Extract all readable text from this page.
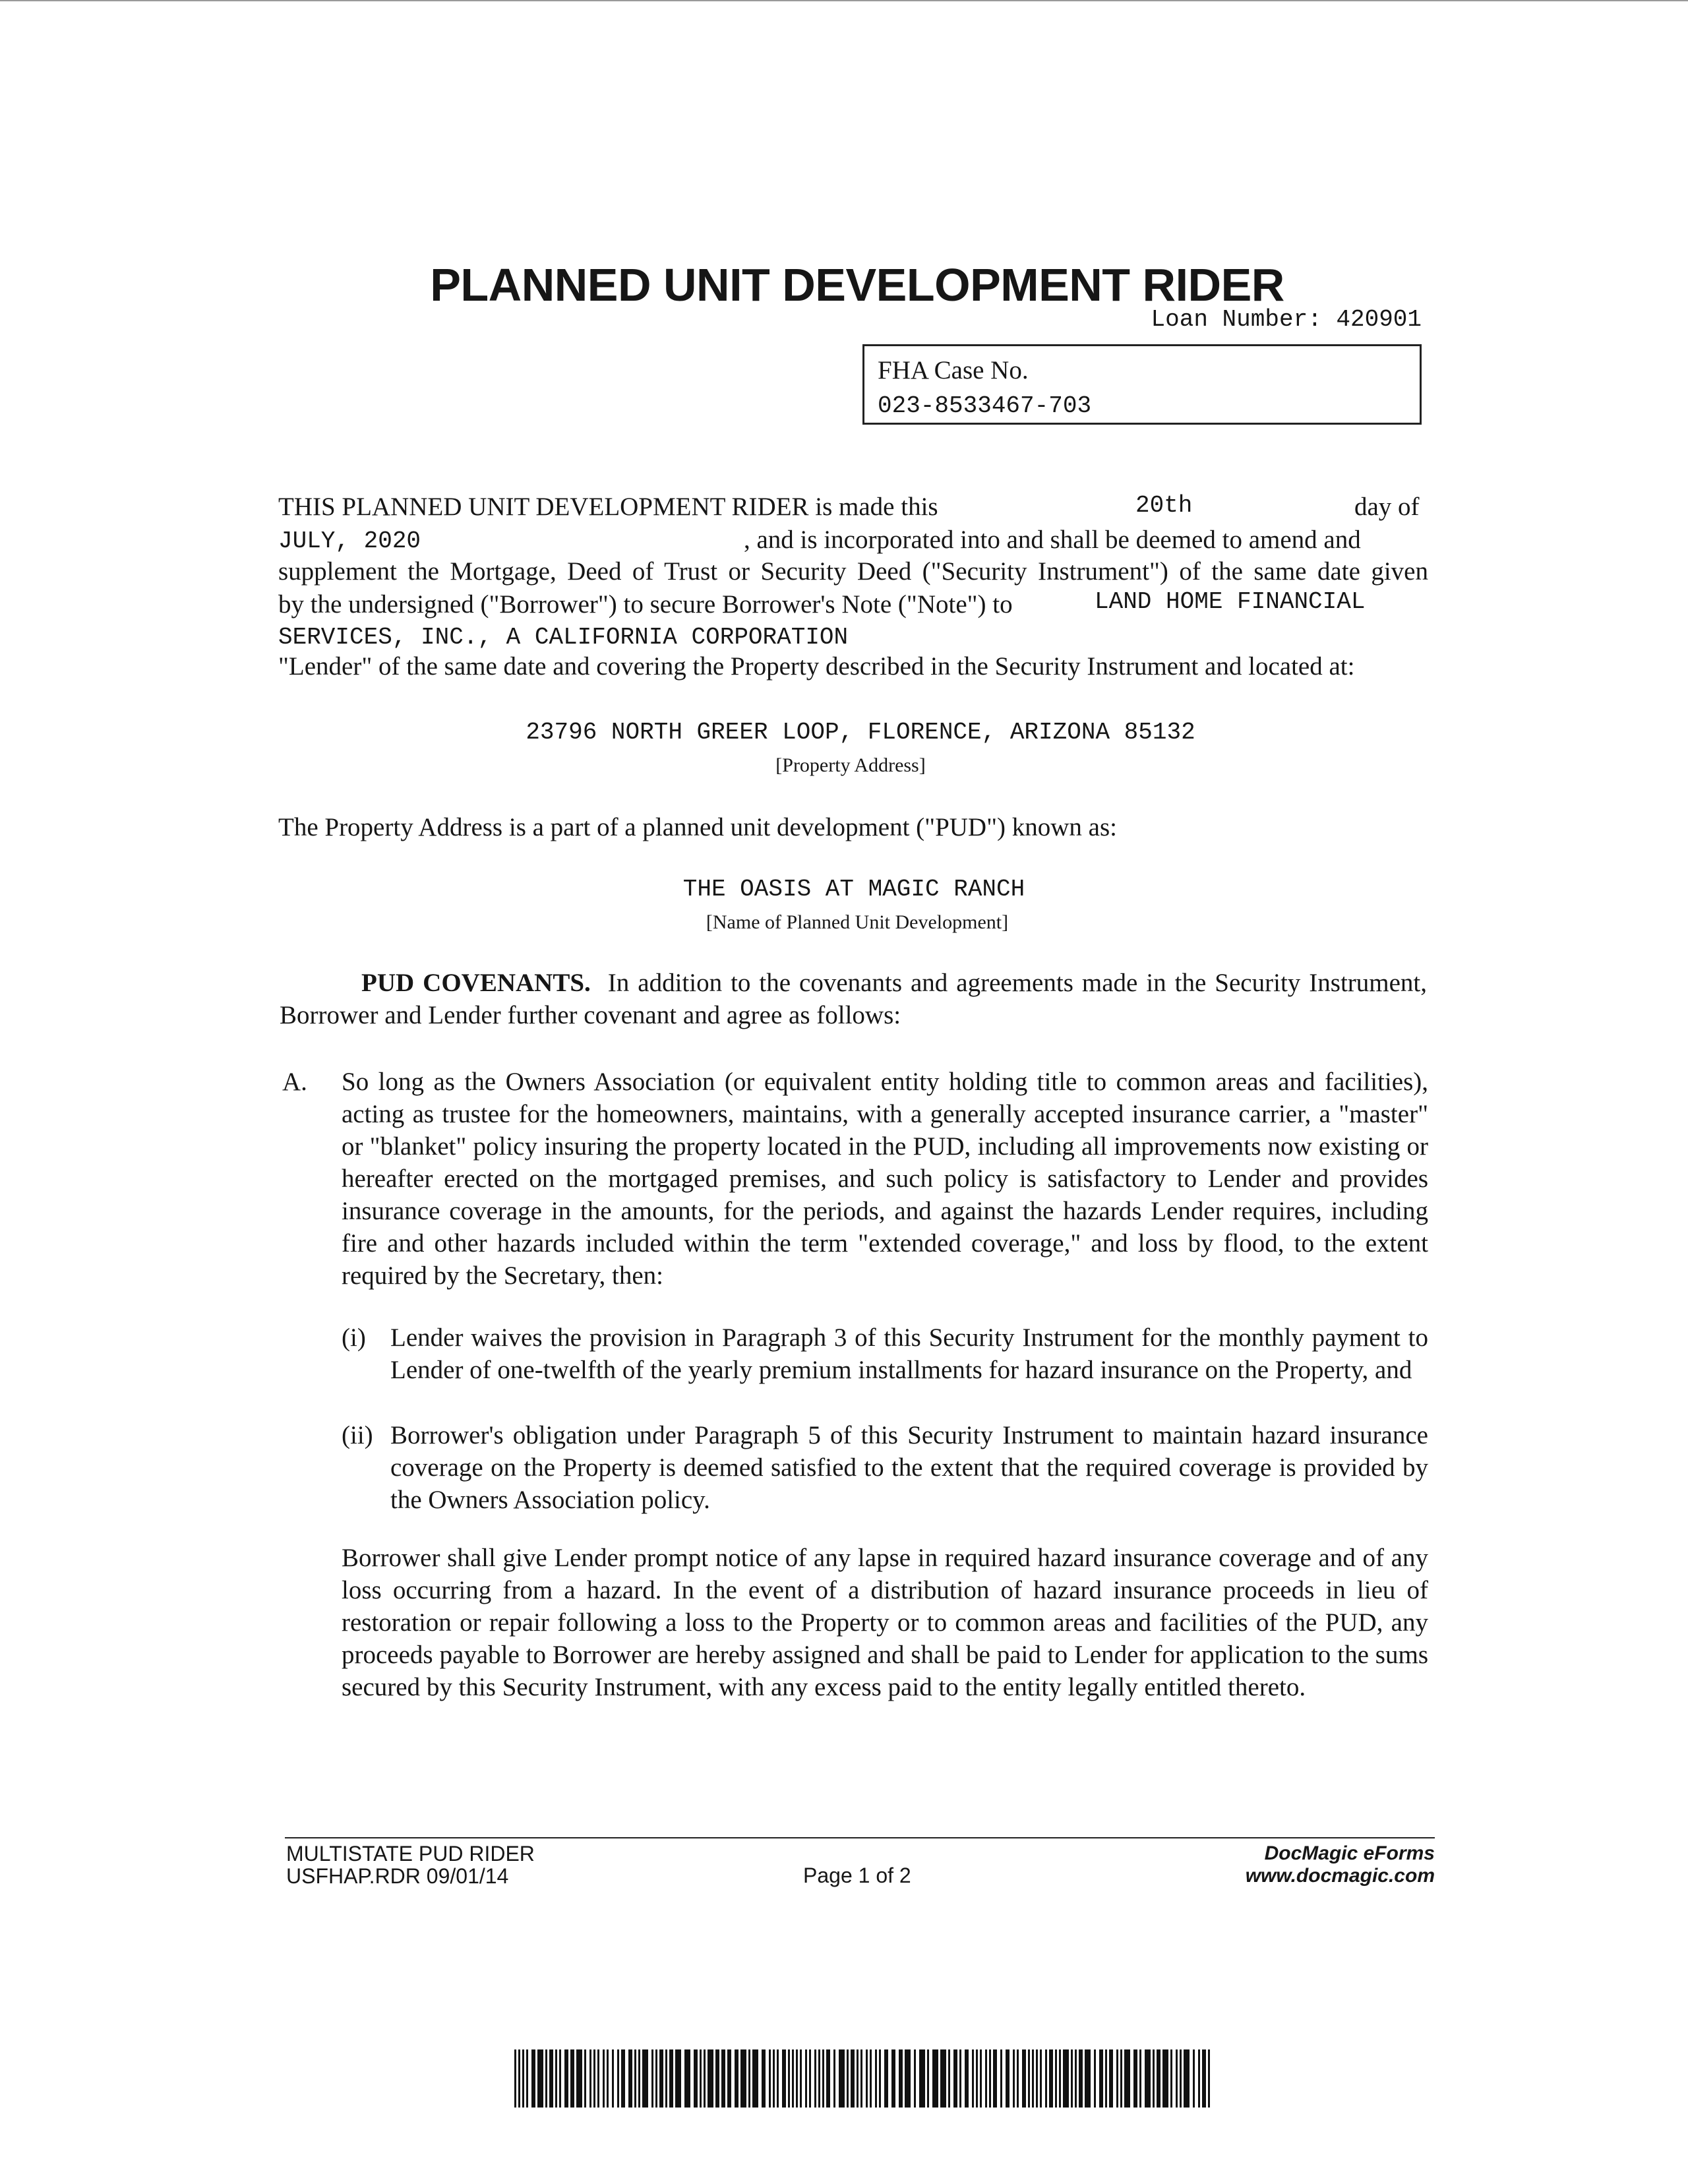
PLANNED UNIT DEVELOPMENT RIDER
Loan Number: 420901
FHA Case No.
023-8533467-703
THIS PLANNED UNIT DEVELOPMENT RIDER is made this	20th	day of
JULY, 2020	, and is incorporated into and shall be deemed to amend and
supplement the Mortgage, Deed of Trust or Security Deed ("Security Instrument") of the same date given
by the undersigned ("Borrower") to secure Borrower's Note ("Note") to	LAND HOME FINANCIAL
SERVICES, INC., A CALIFORNIA CORPORATION
"Lender" of the same date and covering the Property described in the Security Instrument and located at:
23796 NORTH GREER LOOP, FLORENCE, ARIZONA 85132
[Property Address]
The Property Address is a part of a planned unit development ("PUD") known as:
THE OASIS AT MAGIC RANCH
[Name of Planned Unit Development]
PUD COVENANTS. In addition to the covenants and agreements made in the Security Instrument, Borrower and Lender further covenant and agree as follows:
A. So long as the Owners Association (or equivalent entity holding title to common areas and facilities), acting as trustee for the homeowners, maintains, with a generally accepted insurance carrier, a "master" or "blanket" policy insuring the property located in the PUD, including all improvements now existing or hereafter erected on the mortgaged premises, and such policy is satisfactory to Lender and provides insurance coverage in the amounts, for the periods, and against the hazards Lender requires, including fire and other hazards included within the term "extended coverage," and loss by flood, to the extent required by the Secretary, then:
(i) Lender waives the provision in Paragraph 3 of this Security Instrument for the monthly payment to Lender of one-twelfth of the yearly premium installments for hazard insurance on the Property, and
(ii) Borrower's obligation under Paragraph 5 of this Security Instrument to maintain hazard insurance coverage on the Property is deemed satisfied to the extent that the required coverage is provided by the Owners Association policy.
Borrower shall give Lender prompt notice of any lapse in required hazard insurance coverage and of any loss occurring from a hazard. In the event of a distribution of hazard insurance proceeds in lieu of restoration or repair following a loss to the Property or to common areas and facilities of the PUD, any proceeds payable to Borrower are hereby assigned and shall be paid to Lender for application to the sums secured by this Security Instrument, with any excess paid to the entity legally entitled thereto.
MULTISTATE PUD RIDER
USFHAP.RDR 09/01/14	Page 1 of 2
DocMagic eForms
www.docmagic.com
